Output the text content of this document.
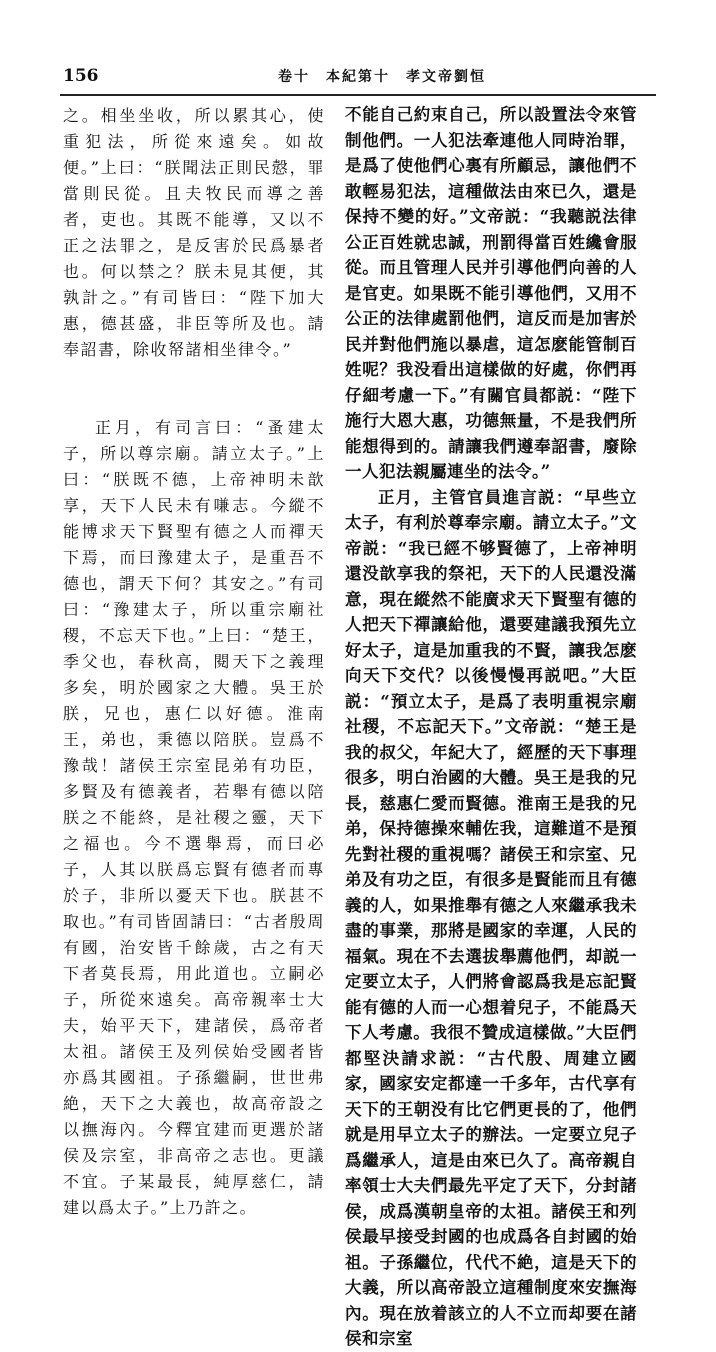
156	卷十　本紀第十　孝文帝劉恒

之。相坐坐收，所以累其心，使重犯法，所從來遠矣。如故便。”上曰：“朕聞法正則民慤，罪當則民從。且夫牧民而導之善者，吏也。其既不能導，又以不正之法罪之，是反害於民爲暴者也。何以禁之？朕未見其便，其孰計之。”有司皆曰：“陛下加大惠，德甚盛，非臣等所及也。請奉詔書，除收帑諸相坐律令。”

正月，有司言曰：“蚤建太子，所以尊宗廟。請立太子。”上曰：“朕既不德，上帝神明未歆享，天下人民未有嗛志。今縱不能博求天下賢聖有德之人而禪天下焉，而曰豫建太子，是重吾不德也，謂天下何？其安之。”有司曰：“豫建太子，所以重宗廟社稷，不忘天下也。”上曰：“楚王，季父也，春秋高，閱天下之義理多矣，明於國家之大體。吳王於朕，兄也，惠仁以好德。淮南王，弟也，秉德以陪朕。豈爲不豫哉！諸侯王宗室昆弟有功臣，多賢及有德義者，若舉有德以陪朕之不能終，是社稷之靈，天下之福也。今不選舉焉，而曰必子，人其以朕爲忘賢有德者而專於子，非所以憂天下也。朕甚不取也。”有司皆固請曰：“古者殷周有國，治安皆千餘歲，古之有天下者莫長焉，用此道也。立嗣必子，所從來遠矣。高帝親率士大夫，始平天下，建諸侯，爲帝者太祖。諸侯王及列侯始受國者皆亦爲其國祖。子孫繼嗣，世世弗絶，天下之大義也，故高帝設之以撫海內。今釋宜建而更選於諸侯及宗室，非高帝之志也。更議不宜。子某最長，純厚慈仁，請建以爲太子。”上乃許之。

不能自己約束自己，所以設置法令來管制他們。一人犯法牽連他人同時治罪，是爲了使他們心裏有所顧忌，讓他們不敢輕易犯法，這種做法由來已久，還是保持不變的好。”文帝説：“我聽説法律公正百姓就忠誠，刑罰得當百姓纔會服從。而且管理人民并引導他們向善的人是官吏。如果既不能引導他們，又用不公正的法律處罰他們，這反而是加害於民并對他們施以暴虐，這怎麽能管制百姓呢？我没看出這樣做的好處，你們再仔細考慮一下。”有關官員都説：“陛下施行大恩大惠，功德無量，不是我們所能想得到的。請讓我們遵奉詔書，廢除一人犯法親屬連坐的法令。”

正月，主管官員進言説：“早些立太子，有利於尊奉宗廟。請立太子。”文帝説：“我已經不够賢德了，上帝神明還没歆享我的祭祀，天下的人民還没滿意，現在縱然不能廣求天下賢聖有德的人把天下禪讓給他，還要建議我預先立好太子，這是加重我的不賢，讓我怎麽向天下交代？以後慢慢再説吧。”大臣説：“預立太子，是爲了表明重視宗廟社稷，不忘記天下。”文帝説：“楚王是我的叔父，年紀大了，經歷的天下事理很多，明白治國的大體。吳王是我的兄長，慈惠仁愛而賢德。淮南王是我的兄弟，保持德操來輔佐我，這難道不是預先對社稷的重視嗎？諸侯王和宗室、兄弟及有功之臣，有很多是賢能而且有德義的人，如果推舉有德之人來繼承我未盡的事業，那將是國家的幸運，人民的福氣。現在不去選拔舉薦他們，却説一定要立太子，人們將會認爲我是忘記賢能有德的人而一心想着兒子，不能爲天下人考慮。我很不贊成這樣做。”大臣們都堅決請求説：“古代殷、周建立國家，國家安定都達一千多年，古代享有天下的王朝没有比它們更長的了，他們就是用早立太子的辦法。一定要立兒子爲繼承人，這是由來已久了。高帝親自率領士大夫們最先平定了天下，分封諸侯，成爲漢朝皇帝的太祖。諸侯王和列侯最早接受封國的也成爲各自封國的始祖。子孫繼位，代代不絶，這是天下的大義，所以高帝設立這種制度來安撫海內。現在放着該立的人不立而却要在諸侯和宗室
